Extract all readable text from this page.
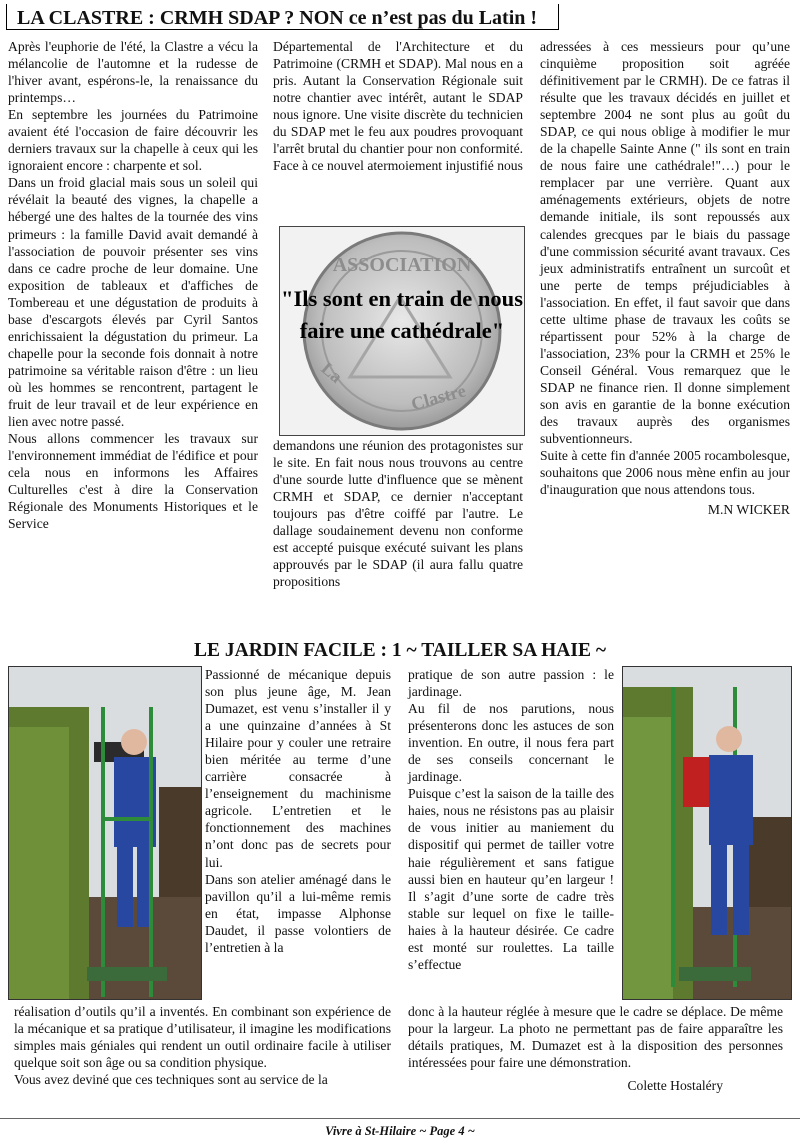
LA CLASTRE : CRMH SDAP ? NON ce n’est pas du Latin !

Après l'euphorie de l'été, la Clastre a vécu la mélancolie de l'automne et la rudesse de l'hiver avant, espérons-le, la renaissance du printemps…

En septembre les journées du Patrimoine avaient été l'occasion de faire découvrir les derniers travaux sur la chapelle à ceux qui les ignoraient encore : charpente et sol.

Dans un froid glacial mais sous un soleil qui révélait la beauté des vignes, la chapelle a hébergé une des haltes de la tournée des vins primeurs : la famille David avait demandé à l'association de pouvoir présenter ses vins dans ce cadre proche de leur domaine. Une exposition de tableaux et d'affiches de Tombereau et une dégustation de produits à base d'escargots élevés par Cyril Santos enrichissaient la dégustation du primeur. La chapelle pour la seconde fois donnait à notre patrimoine sa véritable raison d'être : un lieu où les hommes se rencontrent, partagent le fruit de leur travail et de leur expérience en lien avec notre passé.

Nous allons commencer les travaux sur l'environnement immédiat de l'édifice et pour cela nous en informons les Affaires Culturelles c'est à dire la Conservation Régionale des Monuments Historiques et le Service

Départemental de l'Architecture et du Patrimoine (CRMH et SDAP). Mal nous en a pris. Autant la Conservation Régionale suit notre chantier avec intérêt, autant le SDAP nous ignore. Une visite discrète du technicien du SDAP met le feu aux poudres provoquant l'arrêt brutal du chantier pour non conformité. Face à ce nouvel atermoiement injustifié nous

ASSOCIATION
Clastre
La
"Ils sont en train de nous faire une cathédrale"

demandons une réunion des protagonistes sur le site. En fait nous nous trouvons au centre d'une sourde lutte d'influence que se mènent CRMH et SDAP, ce dernier n'acceptant toujours pas d'être coiffé par l'autre. Le dallage soudainement devenu non conforme est accepté puisque exécuté suivant les plans approuvés par le SDAP (il aura fallu quatre propositions

adressées à ces messieurs pour qu’une cinquième proposition soit agréée définitivement par le CRMH). De ce fatras il résulte que les travaux décidés en juillet et septembre 2004 ne sont plus au goût du SDAP, ce qui nous oblige à modifier le mur de la chapelle Sainte Anne (" ils sont en train de nous faire une cathédrale!"…) pour le remplacer par une verrière. Quant aux aménagements extérieurs, objets de notre demande initiale, ils sont repoussés aux calendes grecques par le biais du passage d'une commission sécurité avant travaux. Ces jeux administratifs entraînent un surcoût et une perte de temps préjudiciables à l'association. En effet, il faut savoir que dans cette ultime phase de travaux les coûts se répartissent pour 52% à la charge de l'association, 23% pour la CRMH et 25% le Conseil Général. Vous remarquez que le SDAP ne finance rien. Il donne simplement son avis en garantie de la bonne exécution des travaux auprès des organismes subventionneurs.

Suite à cette fin d'année 2005 rocambolesque, souhaitons que 2006 nous mène enfin au jour d'inauguration que nous attendons tous.

M.N WICKER

LE JARDIN FACILE : 1 ~ TAILLER SA HAIE ~

Passionné de mécanique depuis son plus jeune âge, M. Jean Dumazet, est venu s’installer il y a une quinzaine d’années à St Hilaire pour y couler une retraire bien méritée au terme d’une carrière consacrée à l’enseignement du machinisme agricole. L’entretien et le fonctionnement des machines n’ont donc pas de secrets pour lui.

Dans son atelier aménagé dans le pavillon qu’il a lui-même remis en état, impasse Alphonse Daudet, il passe volontiers de l’entretien à la

pratique de son autre passion : le jardinage.

Au fil de nos parutions, nous présenterons donc les astuces de son invention. En outre, il nous fera part de ses conseils concernant le jardinage.

Puisque c’est la saison de la taille des haies, nous ne résistons pas au plaisir de vous initier au maniement du dispositif qui permet de tailler votre haie régulièrement et sans fatigue aussi bien en hauteur qu’en largeur ! Il s’agit d’une sorte de cadre très stable sur lequel on fixe le taille-haies à la hauteur désirée. Ce cadre est monté sur roulettes. La taille s’effectue

réalisation d’outils qu’il a inventés. En combinant son expérience de la mécanique et sa pratique d’utilisateur, il imagine les modifications simples mais géniales qui rendent un outil ordinaire facile à utiliser quelque soit son âge ou sa condition physique.

Vous avez deviné que ces techniques sont au service de la

donc à la hauteur réglée à mesure que le cadre se déplace. De même pour la largeur. La photo ne permettant pas de faire apparaître les détails pratiques, M. Dumazet est à la disposition des personnes intéressées pour faire une démonstration.

Colette Hostaléry

Vivre à St-Hilaire ~ Page 4 ~
